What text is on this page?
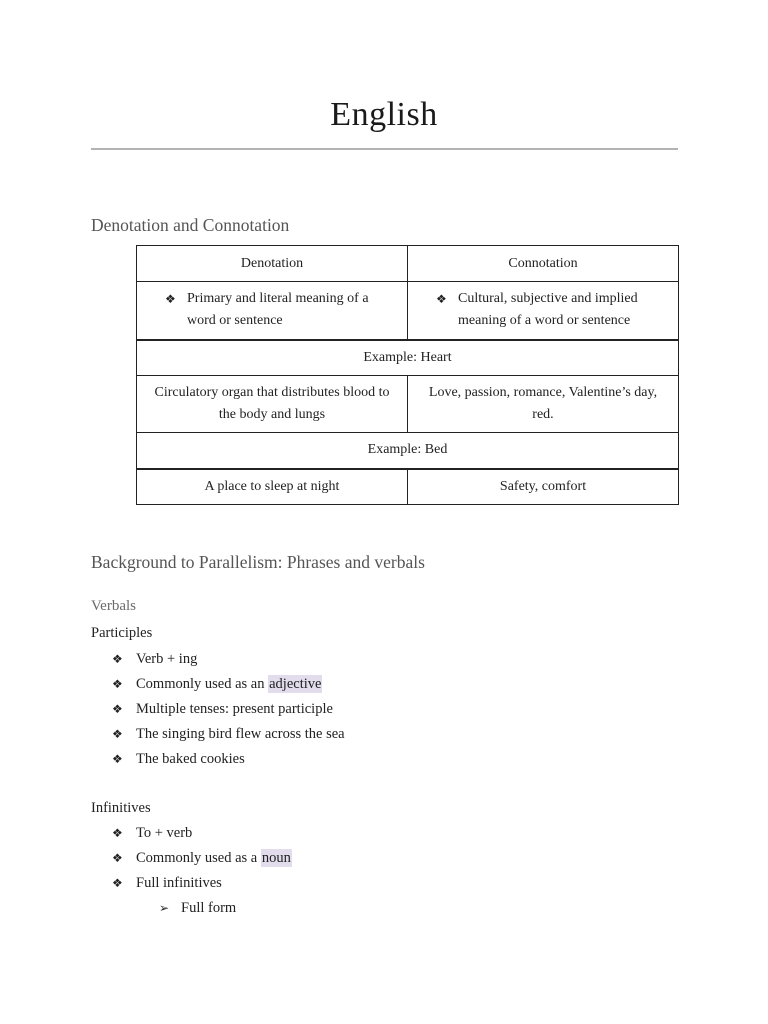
English
Denotation and Connotation
Denotation	Connotation

❖ Primary and literal meaning of a word or sentence	❖ Cultural, subjective and implied meaning of a word or sentence

Example: Heart	
Circulatory organ that distributes blood to the body and lungs	Love, passion, romance, Valentine’s day, red.
Example: Bed	
A place to sleep at night	Safety, comfort
Background to Parallelism: Phrases and verbals
Verbals

Participles

❖ Verb + ing
❖ Commonly used as an adjective
❖ Multiple tenses: present participle
❖ The singing bird flew across the sea
❖ The baked cookies

Infinitives

❖ To + verb
❖ Commonly used as a noun
❖ Full infinitives
➢ Full form
